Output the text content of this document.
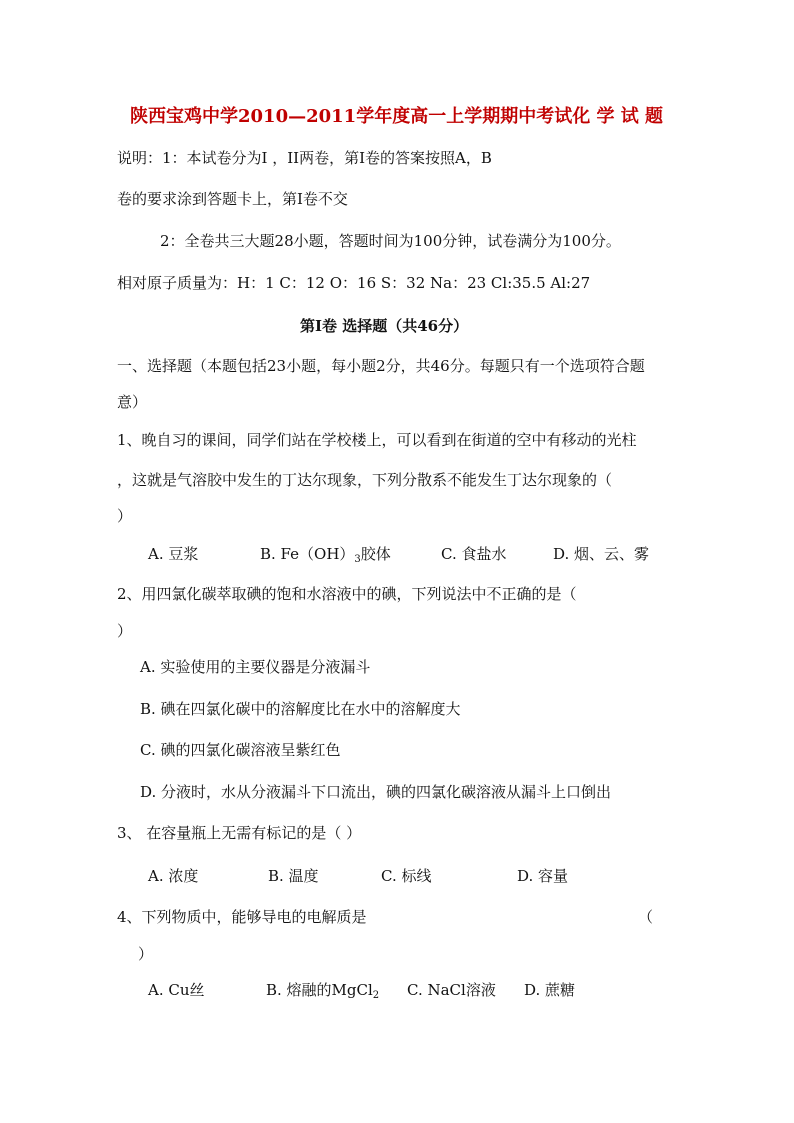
陕西宝鸡中学2010—2011学年度高一上学期期中考试化 学 试 题
说明：1：本试卷分为I ，II两卷，第I卷的答案按照A，B
卷的要求涂到答题卡上，第I卷不交
2：全卷共三大题28小题，答题时间为100分钟，试卷满分为100分。
相对原子质量为：H：1 C：12 O：16 S：32 Na：23 Cl:35.5 Al:27
第I卷 选择题（共46分）
一、选择题（本题包括23小题，每小题2分，共46分。每题只有一个选项符合题
意）
1、晚自习的课间，同学们站在学校楼上，可以看到在街道的空中有移动的光柱
，这就是气溶胶中发生的丁达尔现象，下列分散系不能发生丁达尔现象的（
）
A. 豆浆	B. $Fe(OH)_3$胶体	C. 食盐水	D. 烟、云、雾
2、用四氯化碳萃取碘的饱和水溶液中的碘，下列说法中不正确的是（
）
A. 实验使用的主要仪器是分液漏斗
B. 碘在四氯化碳中的溶解度比在水中的溶解度大
C. 碘的四氯化碳溶液呈紫红色
D. 分液时，水从分液漏斗下口流出，碘的四氯化碳溶液从漏斗上口倒出
3、 在容量瓶上无需有标记的是（ ）
A. 浓度	B. 温度	C. 标线	D. 容量
4、下列物质中，能够导电的电解质是	（
）
A. Cu丝	B. 熔融的MgCl$_2$ C. NaCl溶液 D. 蔗糖
